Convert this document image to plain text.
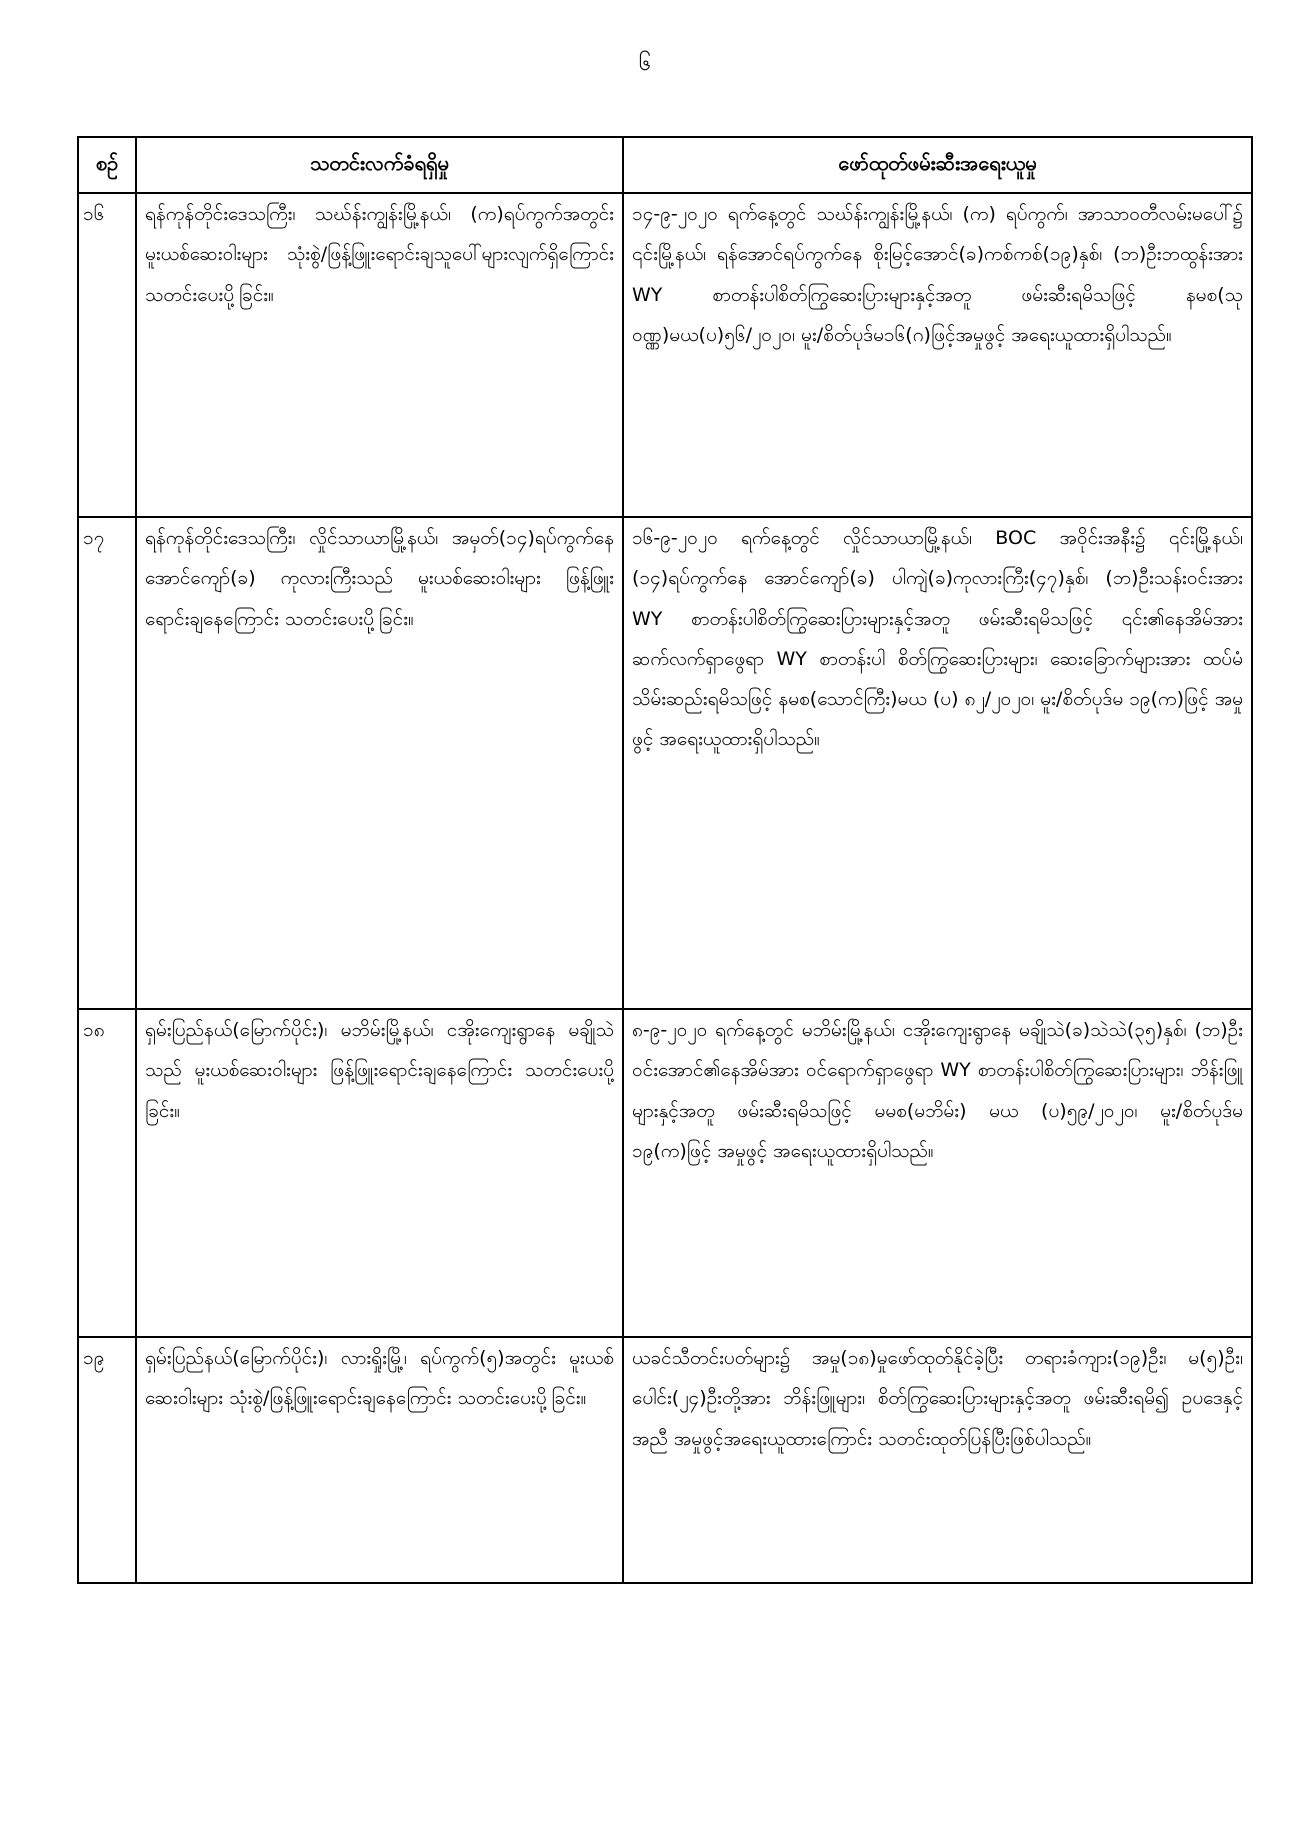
၆
စဉ်	သတင်းလက်ခံရရှိမှု	ဖော်ထုတ်ဖမ်းဆီးအရေးယူမှု
၁၆	ရန်ကုန်တိုင်းဒေသကြီး၊ သဃ်န်းကျွန်းမြို့နယ်၊ (က)ရပ်ကွက်အတွင်း မူးယစ်ဆေးဝါးများ သုံးစွဲ/ဖြန့်ဖြူးရောင်းချသူပေါ်များလျက်ရှိကြောင်း သတင်းပေးပို့ခြင်း။	၁၄-၉-၂၀၂၀ ရက်နေ့တွင် သဃ်န်းကျွန်းမြို့နယ်၊ (က) ရပ်ကွက်၊ အာသာဝတီလမ်းမပေါ်၌ ၎င်းမြို့နယ်၊ ရန်အောင်ရပ်ကွက်နေ စိုးမြင့်အောင်(ခ)ကစ်ကစ်(၁၉)နှစ်၊ (ဘ)ဦးဘထွန်းအား WY စာတန်းပါစိတ်ကြွဆေးပြားများနှင့်အတူ ဖမ်းဆီးရမိသဖြင့် နမစ(သုဝဏ္ဏ)မယ(ပ)၅၆/၂၀၂၀၊ မူး/စိတ်ပုဒ်မ၁၆(ဂ)ဖြင့်အမှုဖွင့် အရေးယူထားရှိပါသည်။

၁၇	ရန်ကုန်တိုင်းဒေသကြီး၊ လှိုင်သာယာမြို့နယ်၊ အမှတ်(၁၄)ရပ်ကွက်နေ အောင်ကျော်(ခ) ကုလားကြီးသည် မူးယစ်ဆေးဝါးများ ဖြန့်ဖြူး ရောင်းချနေကြောင်း သတင်းပေးပို့ခြင်း။	၁၆-၉-၂၀၂၀ ရက်နေ့တွင် လှိုင်သာယာမြို့နယ်၊ BOC အဝိုင်းအနီး၌ ၎င်းမြို့နယ်၊ (၁၄)ရပ်ကွက်နေ အောင်ကျော်(ခ) ပါကျဲ(ခ)ကုလားကြီး(၄၇)နှစ်၊ (ဘ)ဦးသန်းဝင်းအား WY စာတန်းပါစိတ်ကြွဆေးပြားများနှင့်အတူ ဖမ်းဆီးရမိသဖြင့် ၎င်း၏နေအိမ်အား ဆက်လက်ရှာဖွေရာ WY စာတန်းပါ စိတ်ကြွဆေးပြားများ၊ ဆေးခြောက်များအား ထပ်မံသိမ်းဆည်းရမိသဖြင့် နမစ(သောင်ကြီး)မယ (ပ) ၈၂/၂၀၂၀၊ မူး/စိတ်ပုဒ်မ ၁၉(က)ဖြင့် အမှုဖွင့် အရေးယူထားရှိပါသည်။

၁၈	ရှမ်းပြည်နယ်(မြောက်ပိုင်း)၊ မဘိမ်းမြို့နယ်၊ ငအိုးကျေးရွာနေ မချိုသဲသည် မူးယစ်ဆေးဝါးများ ဖြန့်ဖြူးရောင်းချနေကြောင်း သတင်းပေးပို့ခြင်း။	၈-၉-၂၀၂၀ ရက်နေ့တွင် မဘိမ်းမြို့နယ်၊ ငအိုးကျေးရွာနေ မချိုသဲ(ခ)သဲသဲ(၃၅)နှစ်၊ (ဘ)ဦးဝင်းအောင်၏နေအိမ်အား ဝင်ရောက်ရှာဖွေရာ WY စာတန်းပါစိတ်ကြွဆေးပြားများ၊ ဘိန်းဖြူများနှင့်အတူ ဖမ်းဆီးရမိသဖြင့် မမစ(မဘိမ်း) မယ (ပ)၅၉/၂၀၂၀၊ မူး/စိတ်ပုဒ်မ ၁၉(က)ဖြင့် အမှုဖွင့် အရေးယူထားရှိပါသည်။

၁၉	ရှမ်းပြည်နယ်(မြောက်ပိုင်း)၊ လားရှိုးမြို့၊ ရပ်ကွက်(၅)အတွင်း မူးယစ်ဆေးဝါးများ သုံးစွဲ/ဖြန့်ဖြူးရောင်းချနေကြောင်း သတင်းပေးပို့ခြင်း။	ယခင်သီတင်းပတ်များ၌ အမှု(၁၈)မှုဖော်ထုတ်နိုင်ခဲ့ပြီး တရားခံကျား(၁၉)ဦး၊ မ(၅)ဦး၊ ပေါင်း(၂၄)ဦးတို့အား ဘိန်းဖြူများ၊ စိတ်ကြွဆေးပြားများနှင့်အတူ ဖမ်းဆီးရမိ၍ ဥပဒေနှင့်အညီ အမှုဖွင့်အရေးယူထားကြောင်း သတင်းထုတ်ပြန်ပြီးဖြစ်ပါသည်။
